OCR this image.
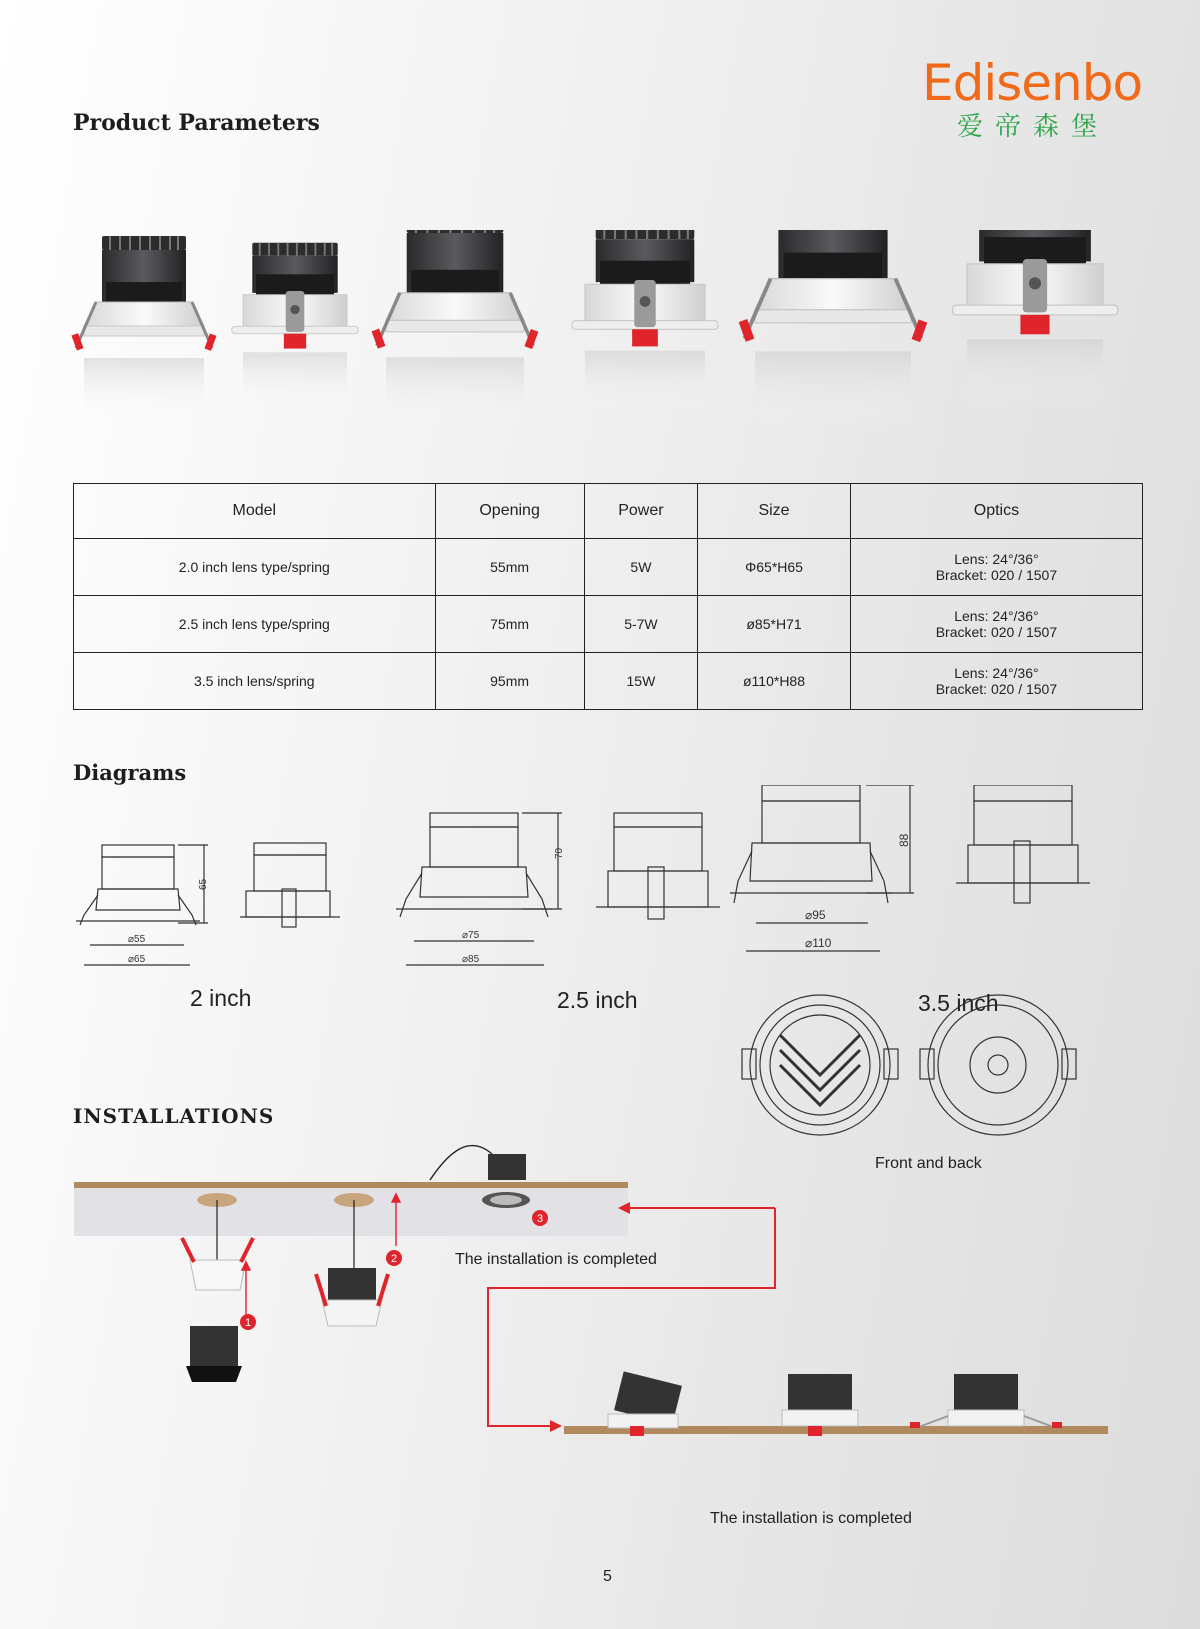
Edisenbo
爱帝森堡
Product Parameters
Model	Opening	Power	Size	Optics
2.0 inch lens type/spring	55mm	5W	Φ65*H65	Lens: 24°/36°
Bracket: 020 / 1507

2.5 inch lens type/spring	75mm	5-7W	ø85*H71	Lens: 24°/36°
Bracket: 020 / 1507

3.5 inch lens/spring	95mm	15W	ø110*H88	Lens: 24°/36°
Bracket: 020 / 1507
Diagrams
65
⌀55
⌀65
70
⌀75
⌀85
88
⌀95
⌀110
2 inch	2.5 inch	3.5 inch
Front and back
INSTALLATIONS
1
2
3
The installation is completed
The installation is completed
5
